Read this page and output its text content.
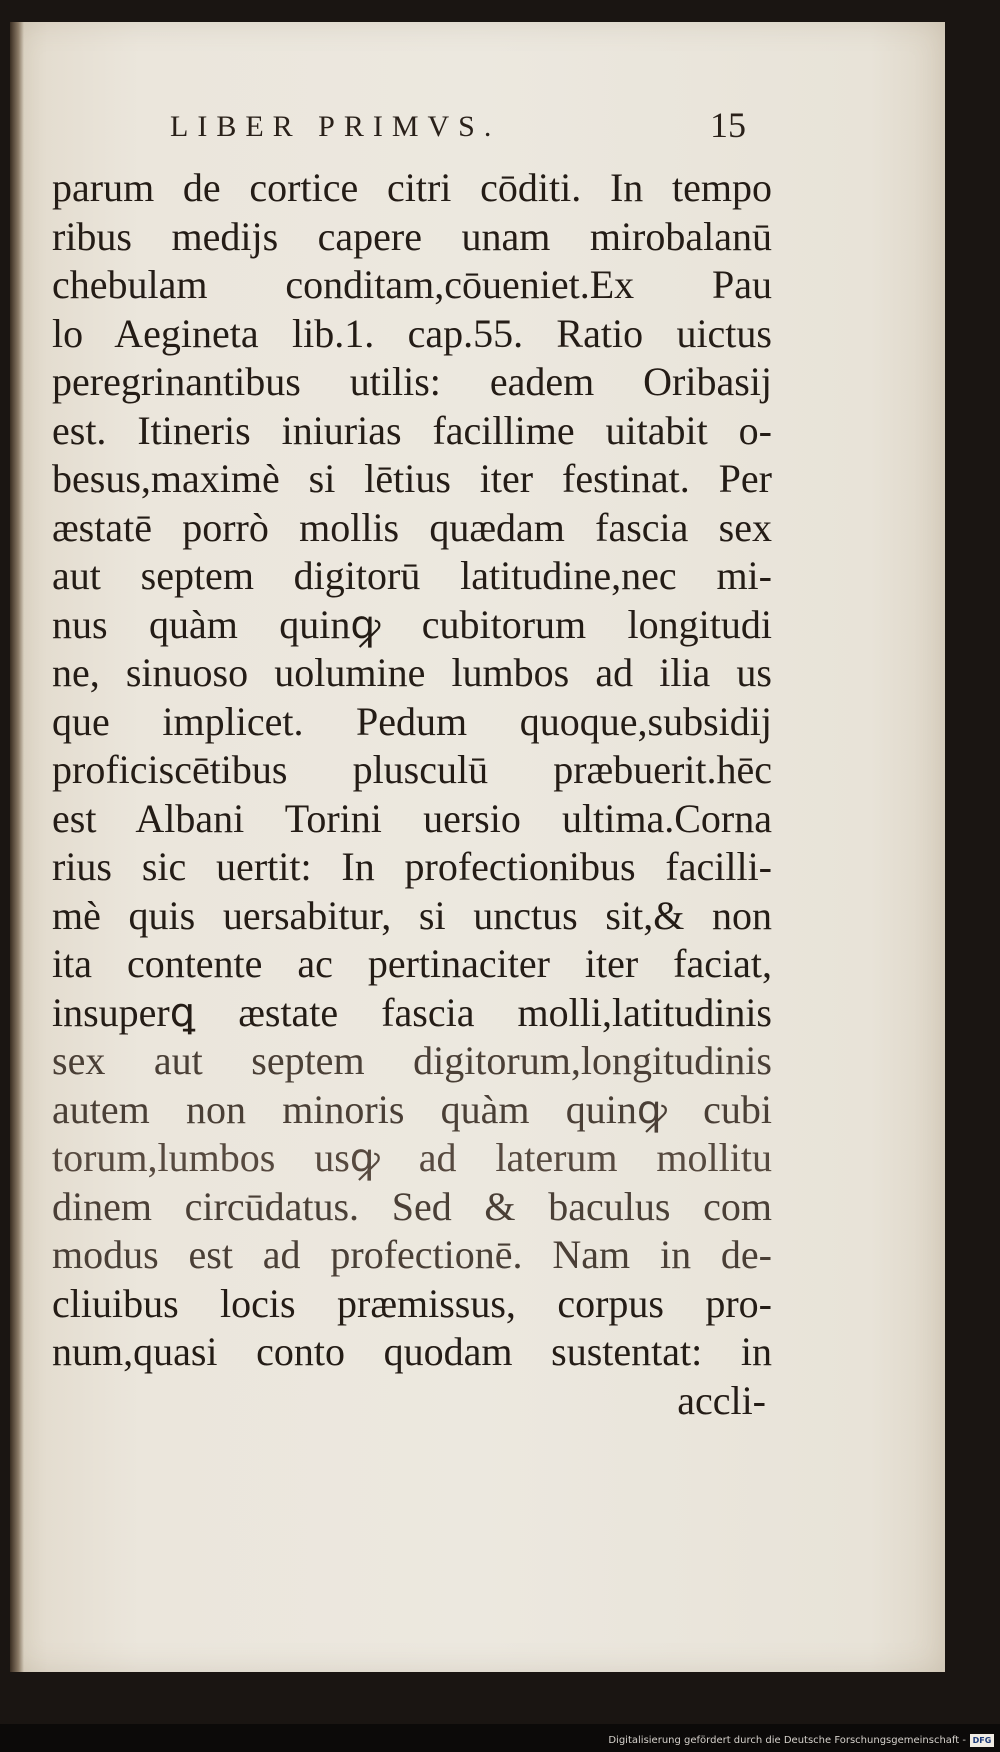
LIBER PRIMVS.	15
parum de cortice citri cōditi. In tempo
ribus medijs capere unam mirobalanū
chebulam conditam,cōueniet.Ex Pau
lo Aegineta lib.1. cap.55. Ratio uictus
peregrinantibus utilis: eadem Oribasij
est. Itineris iniurias facillime uitabit o-
besus,maximè si lētius iter festinat. Per
æstatē porrò mollis quædam fascia sex
aut septem digitorū latitudine,nec mi-
nus quàm quinꝙ cubitorum longitudi
ne, sinuoso uolumine lumbos ad ilia us
que implicet. Pedum quoque,subsidij
proficiscētibus plusculū præbuerit.hēc
est Albani Torini uersio ultima.Corna
rius sic uertit: In profectionibus facilli-
mè quis uersabitur, si unctus sit,& non
ita contente ac pertinaciter iter faciat,
insuperꝗ æstate fascia molli,latitudinis
sex aut septem digitorum,longitudinis
autem non minoris quàm quinꝙ cubi
torum,lumbos usꝙ ad laterum mollitu
dinem circūdatus. Sed & baculus com
modus est ad profectionē. Nam in de-
cliuibus locis præmissus, corpus pro-
num,quasi conto quodam sustentat: in
accli-
Digitalisierung gefördert durch die Deutsche Forschungsgemeinschaft - DFG
